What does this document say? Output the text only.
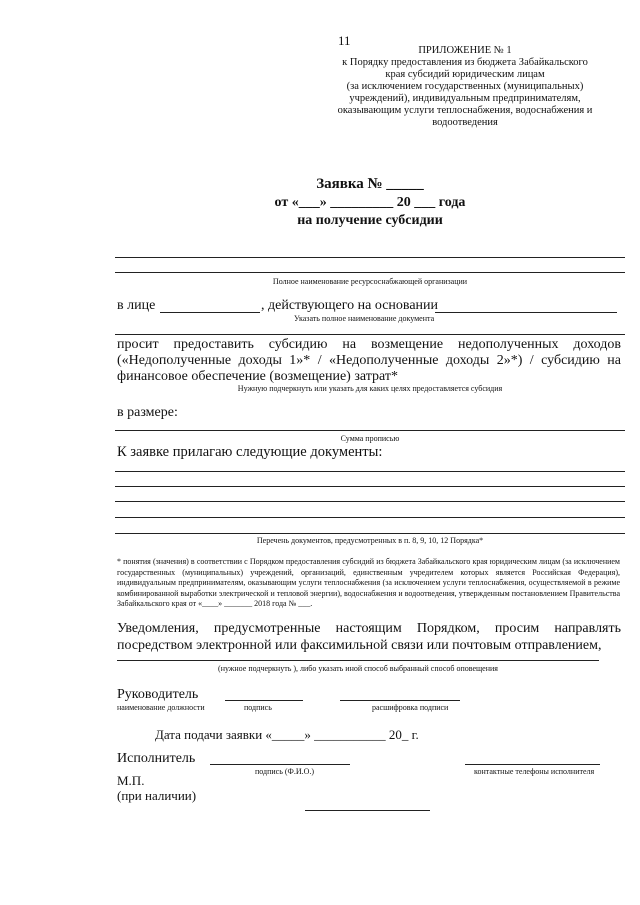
11
ПРИЛОЖЕНИЕ № 1
к Порядку предоставления из бюджета Забайкальского
края субсидий юридическим лицам
(за исключением государственных (муниципальных)
учреждений), индивидуальным предпринимателям,
оказывающим услуги теплоснабжения, водоснабжения и
водоотведения
Заявка № _____
от «___» _________ 20 ___ года
на получение субсидии
Полное наименование ресурсоснабжающей организации
в лице	, действующего на основании
Указать полное наименование документа
просит предоставить субсидию на возмещение недополученных доходов («Недополученные доходы 1»* / «Недополученные доходы 2»*) / субсидию на финансовое обеспечение (возмещение) затрат*
Нужную подчеркнуть или указать для каких целях предоставляется субсидия
в размере:
Сумма прописью
К заявке прилагаю следующие документы:
Перечень документов, предусмотренных в п. 8, 9, 10, 12 Порядка*
* понятия (значения) в соответствии с Порядком предоставления субсидий из бюджета Забайкальского края юридическим лицам (за исключением государственных (муниципальных) учреждений, организаций, единственным учредителем которых является Российская Федерация), индивидуальным предпринимателям, оказывающим услуги теплоснабжения (за исключением услуги теплоснабжения, осуществляемой в режиме комбинированной выработки электрической и тепловой энергии), водоснабжения и водоотведения, утвержденным постановлением Правительства Забайкальского края от «____» _______ 2018 года № ___.
Уведомления, предусмотренные настоящим Порядком, просим направлять посредством электронной или факсимильной связи или почтовым отправлением,
(нужное подчеркнуть ), либо указать иной способ выбранный способ оповещения
Руководитель
наименование должности	подпись	расшифровка подписи
Дата подачи заявки «_____» ___________ 20_ г.
Исполнитель
подпись (Ф.И.О.)	контактные телефоны исполнителя
М.П.
(при наличии)
